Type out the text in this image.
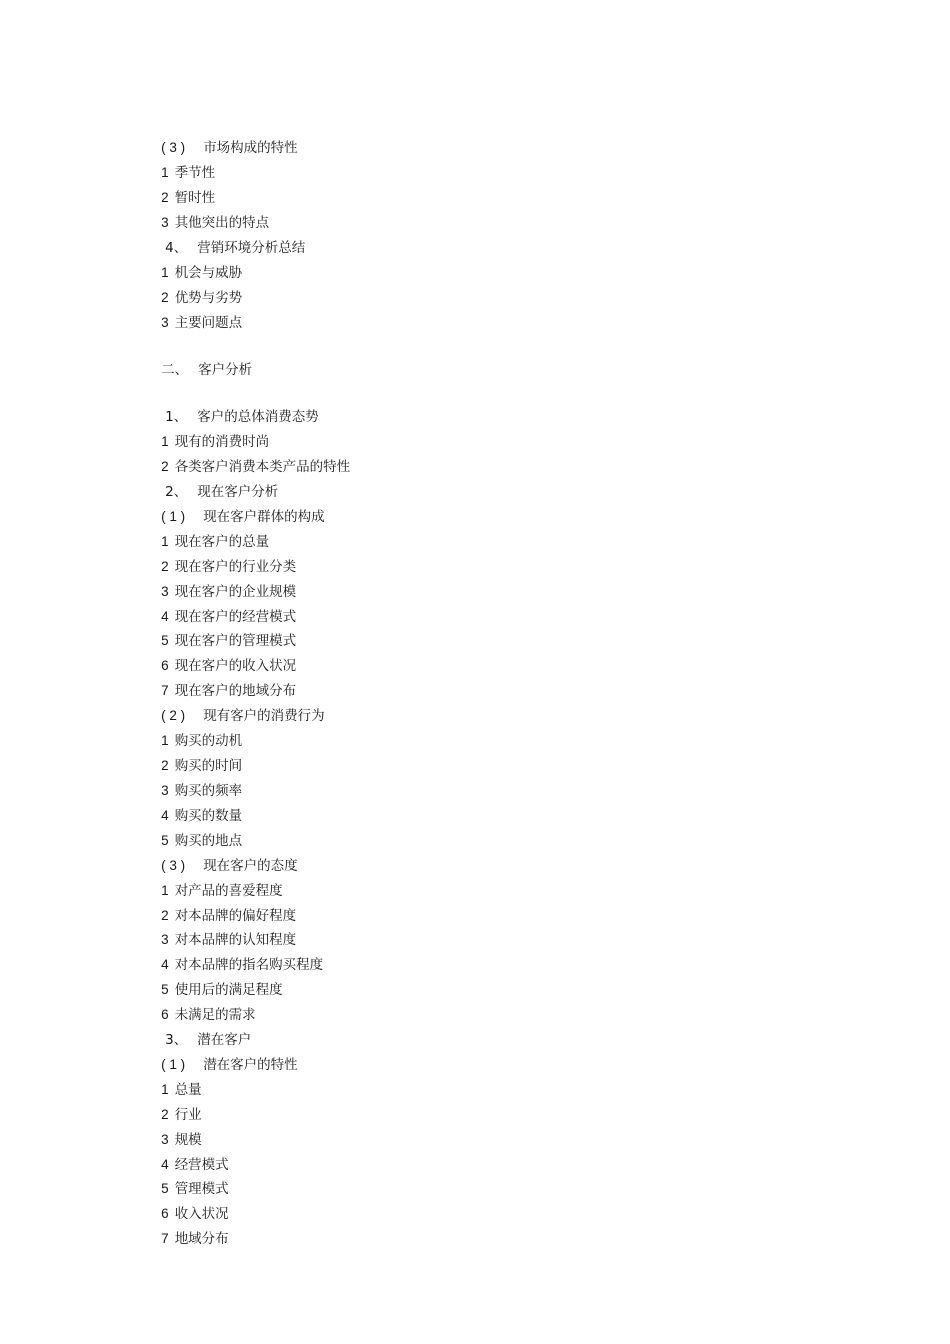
( 3 ) 市场构成的特性

1 季节性

2 暂时性

3 其他突出的特点

4、 营销环境分析总结

1 机会与威胁

2 优势与劣势

3 主要问题点

二、 客户分析

1、 客户的总体消费态势

1 现有的消费时尚

2 各类客户消费本类产品的特性

2、 现在客户分析

( 1 ) 现在客户群体的构成

1 现在客户的总量

2 现在客户的行业分类

3 现在客户的企业规模

4 现在客户的经营模式

5 现在客户的管理模式

6 现在客户的收入状况

7 现在客户的地域分布

( 2 ) 现有客户的消费行为

1 购买的动机

2 购买的时间

3 购买的频率

4 购买的数量

5 购买的地点

( 3 ) 现在客户的态度

1 对产品的喜爱程度

2 对本品牌的偏好程度

3 对本品牌的认知程度

4 对本品牌的指名购买程度

5 使用后的满足程度

6 未满足的需求

3、 潜在客户

( 1 ) 潜在客户的特性

1 总量

2 行业

3 规模

4 经营模式

5 管理模式

6 收入状况

7 地域分布
